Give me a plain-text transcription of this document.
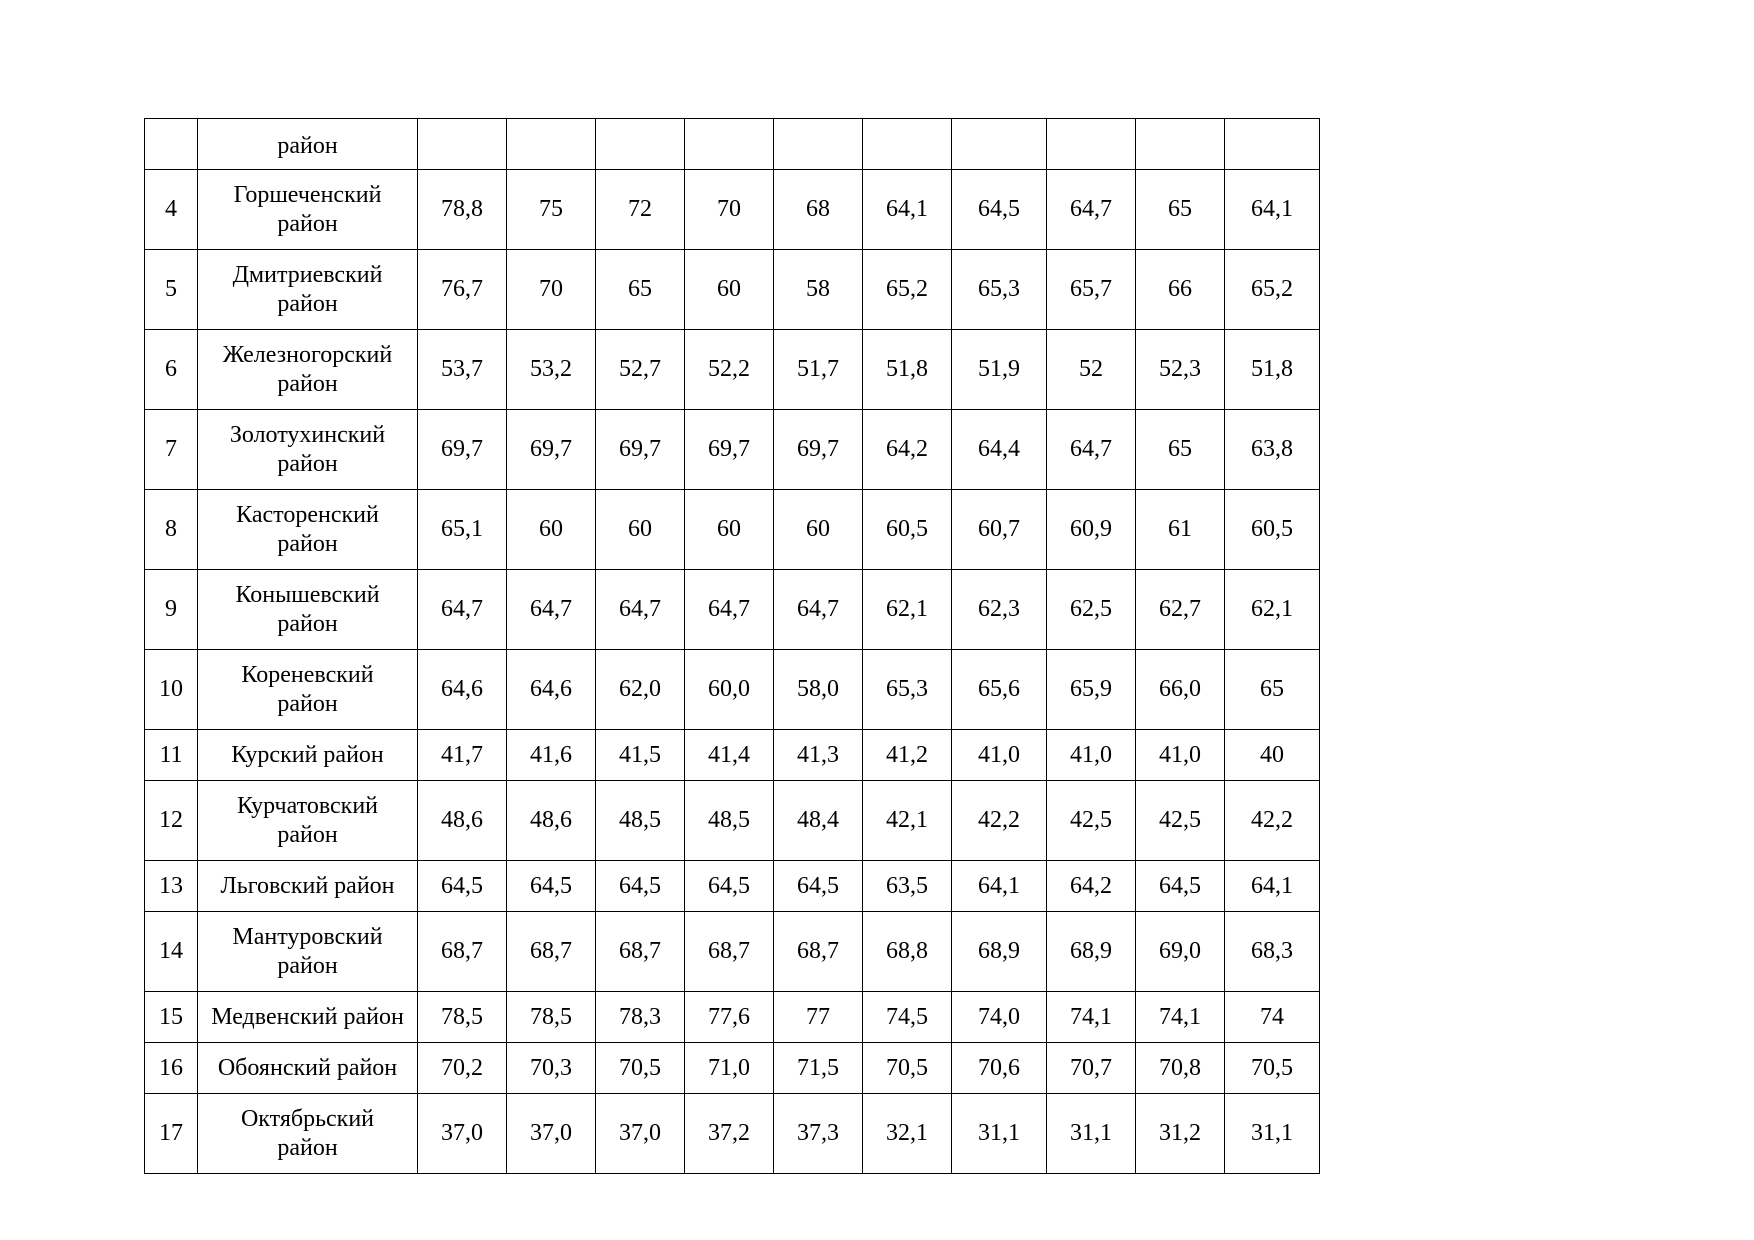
	район										
4	Горшеченский район	78,8	75	72	70	68	64,1	64,5	64,7	65	64,1
5	Дмитриевский район	76,7	70	65	60	58	65,2	65,3	65,7	66	65,2
6	Железногорский район	53,7	53,2	52,7	52,2	51,7	51,8	51,9	52	52,3	51,8
7	Золотухинский район	69,7	69,7	69,7	69,7	69,7	64,2	64,4	64,7	65	63,8
8	Касторенский район	65,1	60	60	60	60	60,5	60,7	60,9	61	60,5
9	Конышевский район	64,7	64,7	64,7	64,7	64,7	62,1	62,3	62,5	62,7	62,1
10	Кореневский район	64,6	64,6	62,0	60,0	58,0	65,3	65,6	65,9	66,0	65
11	Курский район	41,7	41,6	41,5	41,4	41,3	41,2	41,0	41,0	41,0	40
12	Курчатовский район	48,6	48,6	48,5	48,5	48,4	42,1	42,2	42,5	42,5	42,2
13	Льговский район	64,5	64,5	64,5	64,5	64,5	63,5	64,1	64,2	64,5	64,1
14	Мантуровский район	68,7	68,7	68,7	68,7	68,7	68,8	68,9	68,9	69,0	68,3
15	Медвенский район	78,5	78,5	78,3	77,6	77	74,5	74,0	74,1	74,1	74
16	Обоянский район	70,2	70,3	70,5	71,0	71,5	70,5	70,6	70,7	70,8	70,5
17	Октябрьский район	37,0	37,0	37,0	37,2	37,3	32,1	31,1	31,1	31,2	31,1
